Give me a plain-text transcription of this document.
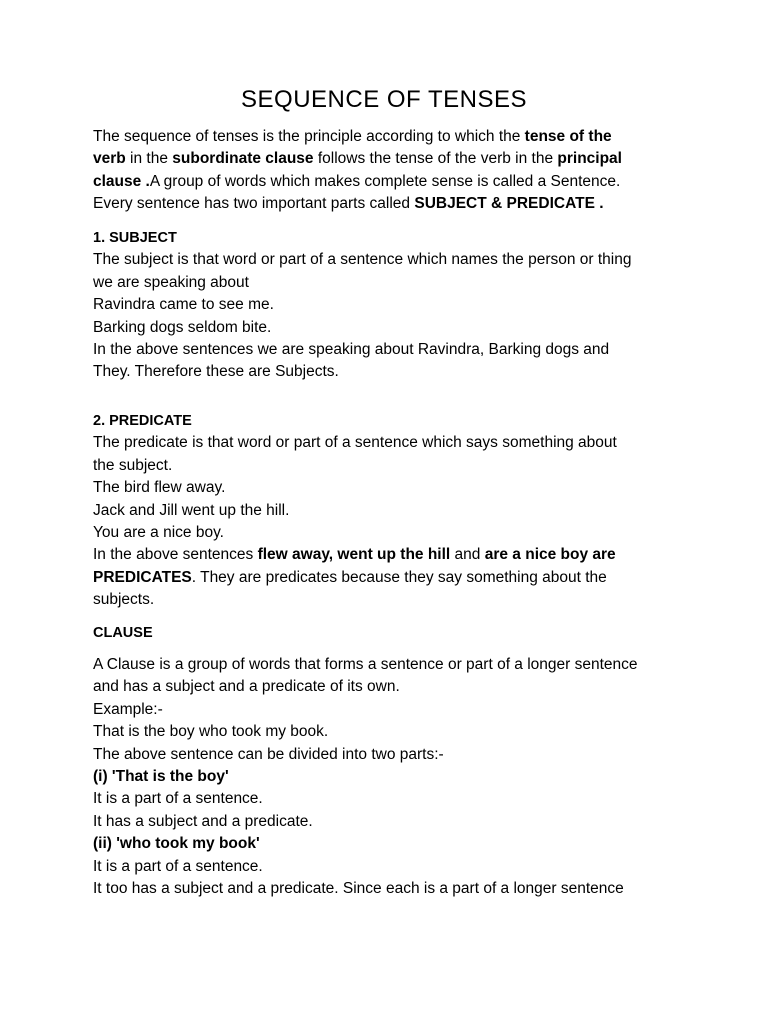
SEQUENCE OF TENSES
The sequence of tenses is the principle according to which the tense of the
verb in the subordinate clause follows the tense of the verb in the principal
clause .A group of words which makes complete sense is called a Sentence.
Every sentence has two important parts called SUBJECT & PREDICATE .
1. SUBJECT
The subject is that word or part of a sentence which names the person or thing
we are speaking about
Ravindra came to see me.
Barking dogs seldom bite.
In the above sentences we are speaking about Ravindra, Barking dogs and
They. Therefore these are Subjects.
2. PREDICATE
The predicate is that word or part of a sentence which says something about
the subject.
The bird flew away.
Jack and Jill went up the hill.
You are a nice boy.
In the above sentences flew away, went up the hill and are a nice boy are
PREDICATES. They are predicates because they say something about the
subjects.
CLAUSE
A Clause is a group of words that forms a sentence or part of a longer sentence
and has a subject and a predicate of its own.
Example:-
That is the boy who took my book.
The above sentence can be divided into two parts:-
(i) 'That is the boy'
It is a part of a sentence.
It has a subject and a predicate.
(ii) 'who took my book'
It is a part of a sentence.
It too has a subject and a predicate. Since each is a part of a longer sentence
